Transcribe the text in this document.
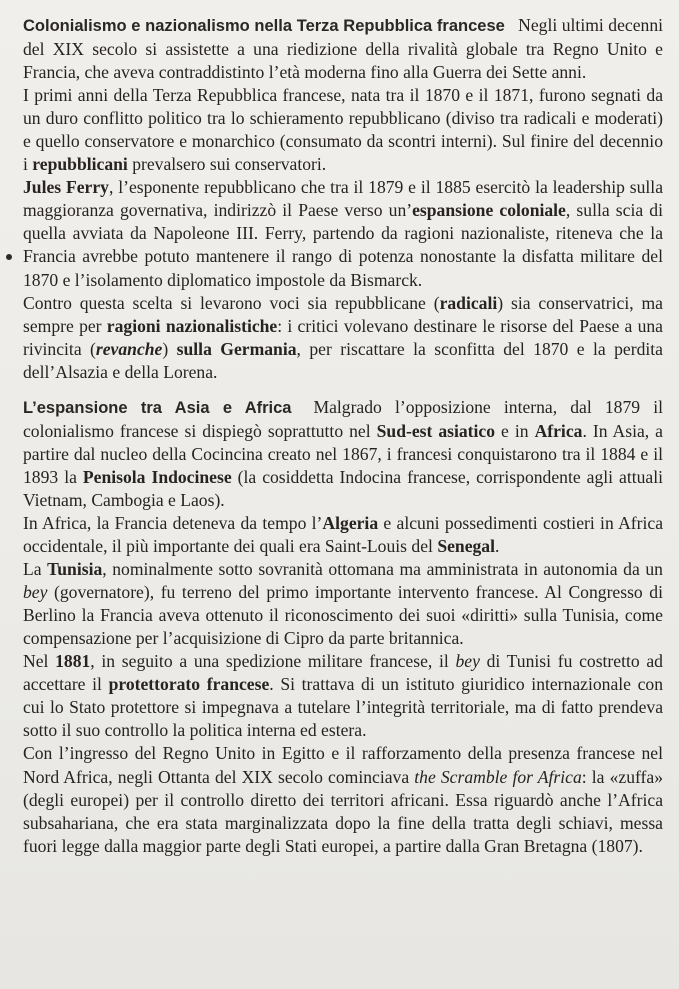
Colonialismo e nazionalismo nella Terza Repubblica francese   Negli ultimi decenni del XIX secolo si assistette a una riedizione della rivalità globale tra Regno Unito e Francia, che aveva contraddistinto l’età moderna fino alla Guerra dei Sette anni.

I primi anni della Terza Repubblica francese, nata tra il 1870 e il 1871, furono segnati da un duro conflitto politico tra lo schieramento repubblicano (diviso tra radicali e moderati) e quello conservatore e monarchico (consumato da scontri interni). Sul finire del decennio i repubblicani prevalsero sui conservatori.

Jules Ferry, l’esponente repubblicano che tra il 1879 e il 1885 esercitò la leadership sulla maggioranza governativa, indirizzò il Paese verso un’espansione coloniale, sulla scia di quella avviata da Napoleone III. Ferry, partendo da ragioni nazionaliste, riteneva che la Francia avrebbe potuto mantenere il rango di potenza nonostante la disfatta militare del 1870 e l’isolamento diplomatico impostole da Bismarck.

Contro questa scelta si levarono voci sia repubblicane (radicali) sia conservatrici, ma sempre per ragioni nazionalistiche: i critici volevano destinare le risorse del Paese a una rivincita (revanche) sulla Germania, per riscattare la sconfitta del 1870 e la perdita dell’Alsazia e della Lorena.

L’espansione tra Asia e Africa   Malgrado l’opposizione interna, dal 1879 il colonialismo francese si dispiegò soprattutto nel Sud-est asiatico e in Africa. In Asia, a partire dal nucleo della Cocincina creato nel 1867, i francesi conquistarono tra il 1884 e il 1893 la Penisola Indocinese (la cosiddetta Indocina francese, corrispondente agli attuali Vietnam, Cambogia e Laos).

In Africa, la Francia deteneva da tempo l’Algeria e alcuni possedimenti costieri in Africa occidentale, il più importante dei quali era Saint-Louis del Senegal.

La Tunisia, nominalmente sotto sovranità ottomana ma amministrata in autonomia da un bey (governatore), fu terreno del primo importante intervento francese. Al Congresso di Berlino la Francia aveva ottenuto il riconoscimento dei suoi «diritti» sulla Tunisia, come compensazione per l’acquisizione di Cipro da parte britannica.

Nel 1881, in seguito a una spedizione militare francese, il bey di Tunisi fu costretto ad accettare il protettorato francese. Si trattava di un istituto giuridico internazionale con cui lo Stato protettore si impegnava a tutelare l’integrità territoriale, ma di fatto prendeva sotto il suo controllo la politica interna ed estera.

Con l’ingresso del Regno Unito in Egitto e il rafforzamento della presenza francese nel Nord Africa, negli Ottanta del XIX secolo cominciava the Scramble for Africa: la «zuffa» (degli europei) per il controllo diretto dei territori africani. Essa riguardò anche l’Africa subsahariana, che era stata marginalizzata dopo la fine della tratta degli schiavi, messa fuori legge dalla maggior parte degli Stati europei, a partire dalla Gran Bretagna (1807).
